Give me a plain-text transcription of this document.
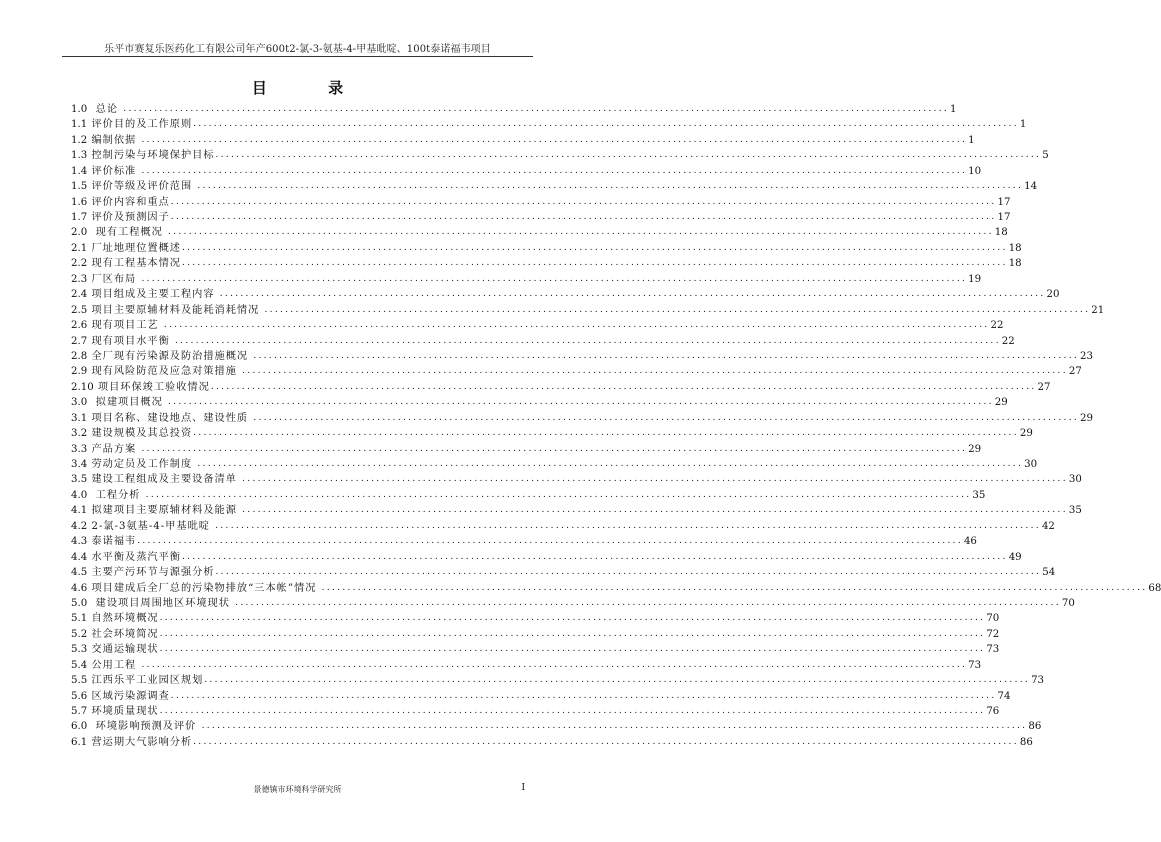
乐平市赛复乐医药化工有限公司年产600t2-氯-3-氨基-4-甲基吡啶、100t泰诺福韦项目
目 录
1.0 总论 ................................................................................................................................................................ 1
1.1 评价目的及工作原则 ................................................................................................................................................................ 1
1.2 编制依据 ................................................................................................................................................................ 1
1.3 控制污染与环境保护目标 ................................................................................................................................................................ 5
1.4 评价标准 ................................................................................................................................................................ 10
1.5 评价等级及评价范围 ................................................................................................................................................................ 14
1.6 评价内容和重点 ................................................................................................................................................................ 17
1.7 评价及预测因子 ................................................................................................................................................................ 17
2.0 现有工程概况 ................................................................................................................................................................ 18
2.1 厂址地理位置概述 ................................................................................................................................................................ 18
2.2 现有工程基本情况 ................................................................................................................................................................ 18
2.3 厂区布局 ................................................................................................................................................................ 19
2.4 项目组成及主要工程内容 ................................................................................................................................................................ 20
2.5 项目主要原辅材料及能耗消耗情况 ................................................................................................................................................................ 21
2.6 现有项目工艺 ................................................................................................................................................................ 22
2.7 现有项目水平衡 ................................................................................................................................................................ 22
2.8 全厂现有污染源及防治措施概况 ................................................................................................................................................................ 23
2.9 现有风险防范及应急对策措施 ................................................................................................................................................................ 27
2.10 项目环保竣工验收情况 ................................................................................................................................................................ 27
3.0 拟建项目概况 ................................................................................................................................................................ 29
3.1 项目名称、建设地点、建设性质 ................................................................................................................................................................ 29
3.2 建设规模及其总投资 ................................................................................................................................................................ 29
3.3 产品方案 ................................................................................................................................................................ 29
3.4 劳动定员及工作制度 ................................................................................................................................................................ 30
3.5 建设工程组成及主要设备清单 ................................................................................................................................................................ 30
4.0 工程分析 ................................................................................................................................................................ 35
4.1 拟建项目主要原辅材料及能源 ................................................................................................................................................................ 35
4.2 2-氯-3氨基-4-甲基吡啶 ................................................................................................................................................................ 42
4.3 泰诺福韦 ................................................................................................................................................................ 46
4.4 水平衡及蒸汽平衡 ................................................................................................................................................................ 49
4.5 主要产污环节与源强分析 ................................................................................................................................................................ 54
4.6 项目建成后全厂总的污染物排放“三本帐”情况 ................................................................................................................................................................ 68
5.0 建设项目周围地区环境现状 ................................................................................................................................................................ 70
5.1 自然环境概况 ................................................................................................................................................................ 70
5.2 社会环境简况 ................................................................................................................................................................ 72
5.3 交通运输现状 ................................................................................................................................................................ 73
5.4 公用工程 ................................................................................................................................................................ 73
5.5 江西乐平工业园区规划 ................................................................................................................................................................ 73
5.6 区域污染源调查 ................................................................................................................................................................ 74
5.7 环境质量现状 ................................................................................................................................................................ 76
6.0 环境影响预测及评价 ................................................................................................................................................................ 86
6.1 营运期大气影响分析 ................................................................................................................................................................ 86
景德镇市环境科学研究所	I
